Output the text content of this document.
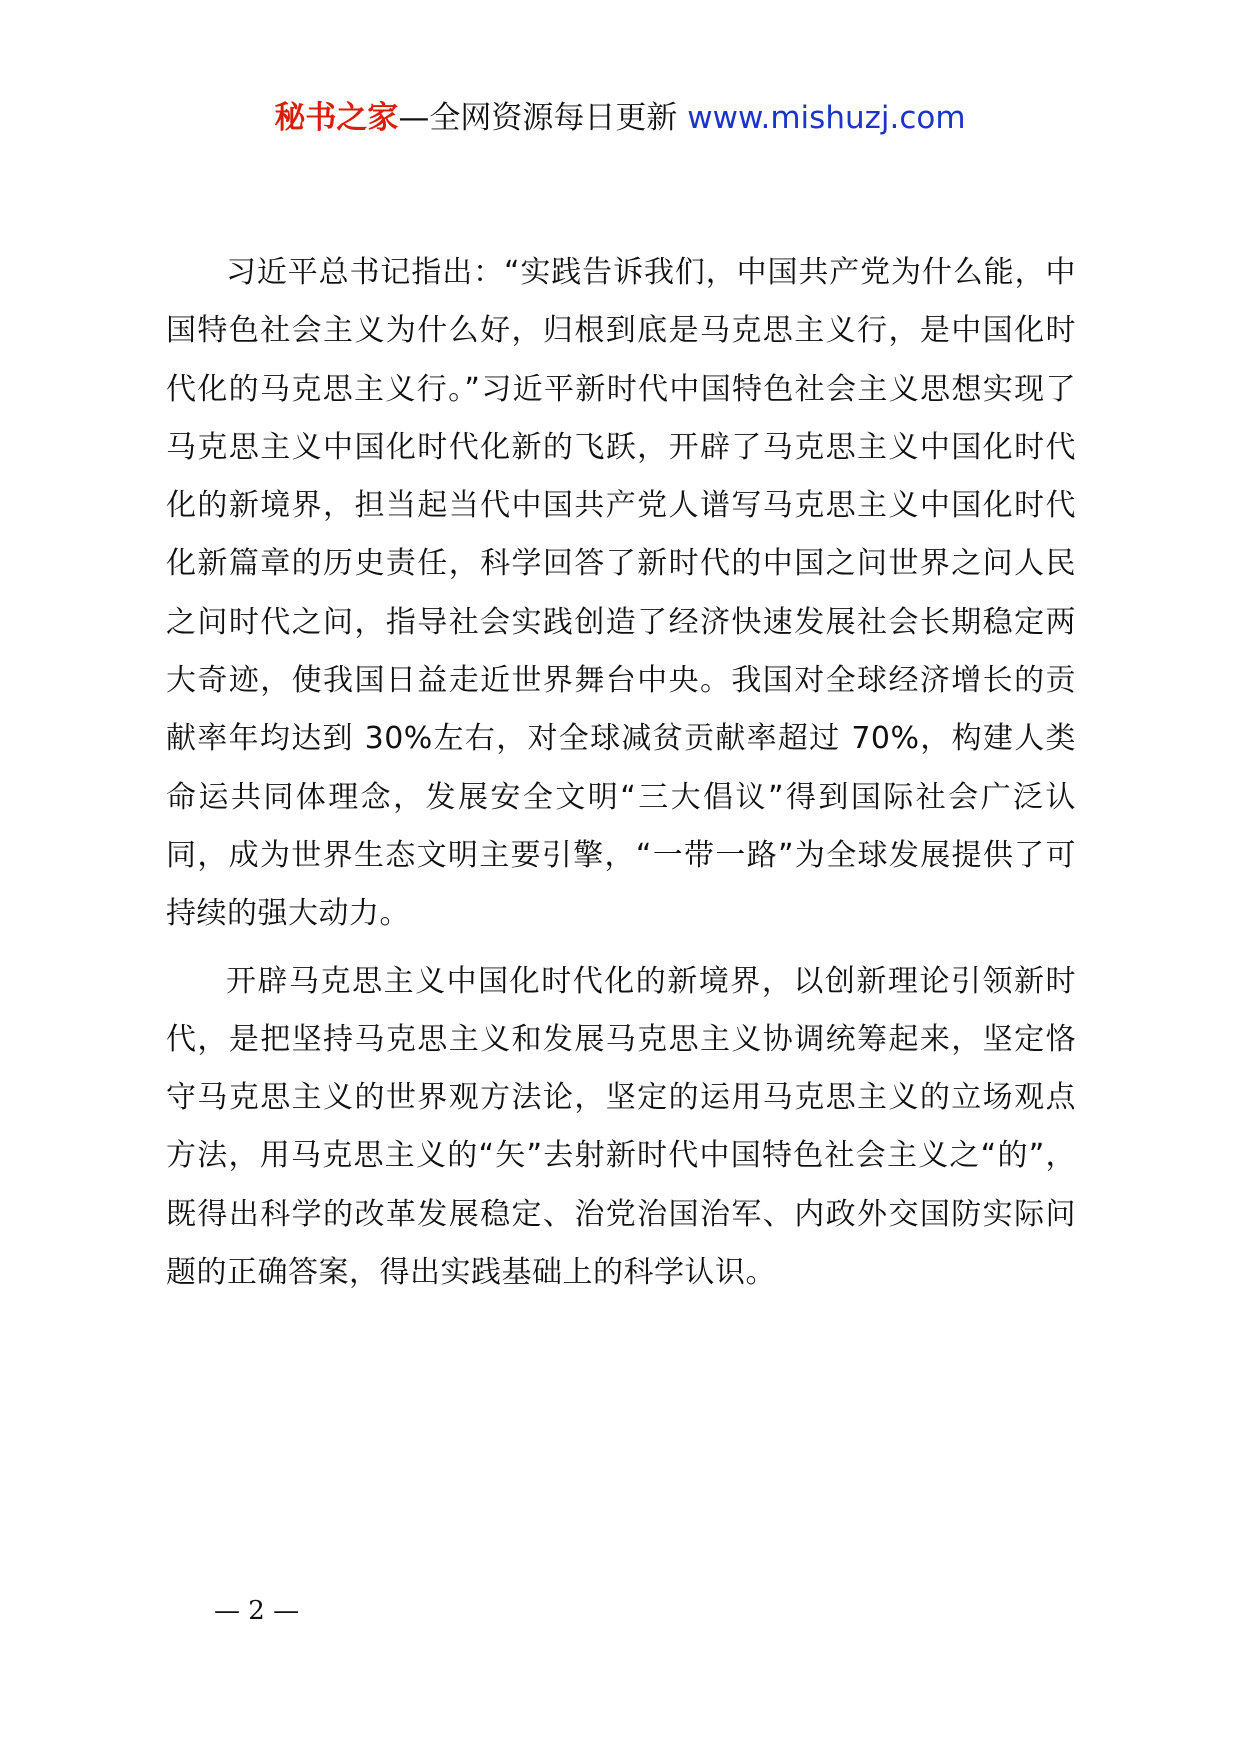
秘书之家—全网资源每日更新 www.mishuzj.com

习近平总书记指出：“实践告诉我们，中国共产党为什么能，中国特色社会主义为什么好，归根到底是马克思主义行，是中国化时代化的马克思主义行。”习近平新时代中国特色社会主义思想实现了马克思主义中国化时代化新的飞跃，开辟了马克思主义中国化时代化的新境界，担当起当代中国共产党人谱写马克思主义中国化时代化新篇章的历史责任，科学回答了新时代的中国之问世界之问人民之问时代之问，指导社会实践创造了经济快速发展社会长期稳定两大奇迹，使我国日益走近世界舞台中央。我国对全球经济增长的贡献率年均达到 30%左右，对全球减贫贡献率超过 70%，构建人类命运共同体理念，发展安全文明“三大倡议”得到国际社会广泛认同，成为世界生态文明主要引擎，“一带一路”为全球发展提供了可持续的强大动力。

开辟马克思主义中国化时代化的新境界，以创新理论引领新时代，是把坚持马克思主义和发展马克思主义协调统筹起来，坚定恪守马克思主义的世界观方法论，坚定的运用马克思主义的立场观点方法，用马克思主义的“矢”去射新时代中国特色社会主义之“的”，既得出科学的改革发展稳定、治党治国治军、内政外交国防实际问题的正确答案，得出实践基础上的科学认识。

— 2 —
